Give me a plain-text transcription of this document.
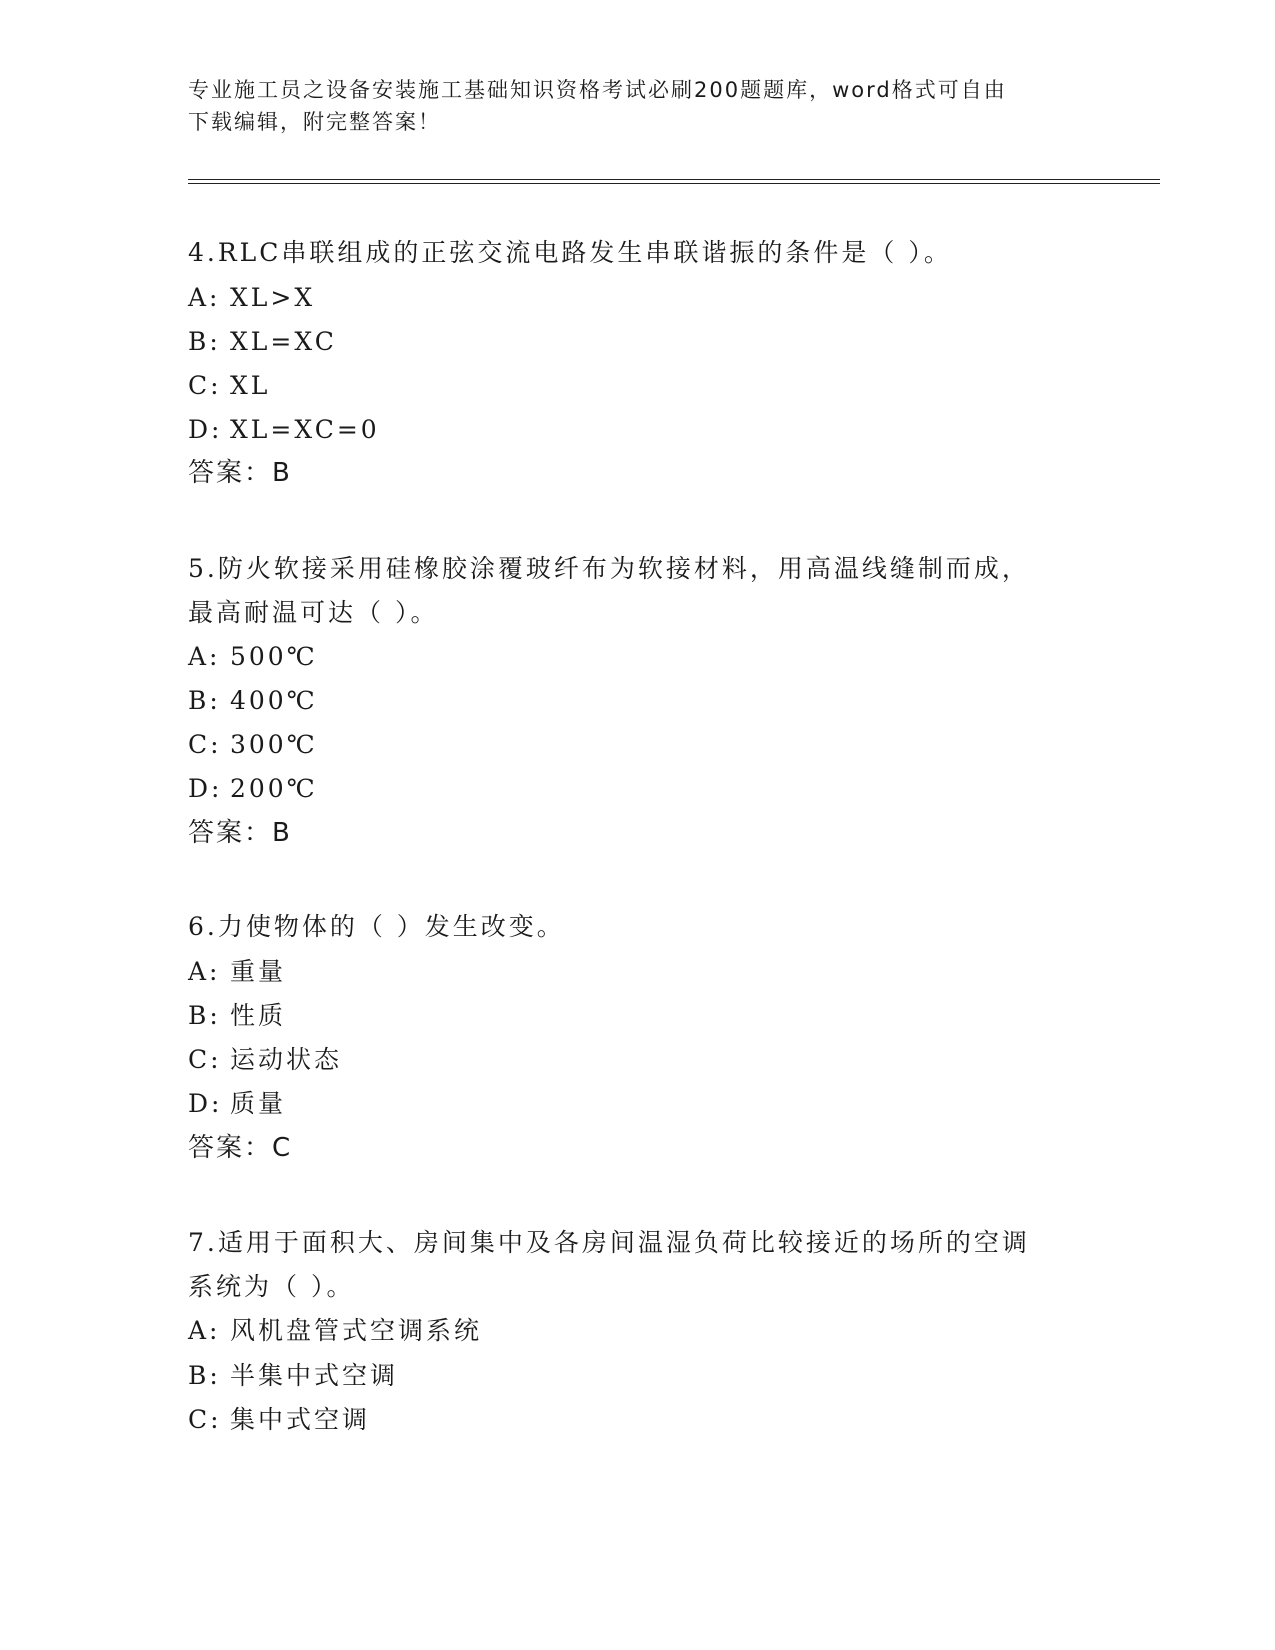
专业施工员之设备安装施工基础知识资格考试必刷200题题库，word格式可自由
下载编辑，附完整答案！
4.RLC串联组成的正弦交流电路发生串联谐振的条件是（ ）。
A: XL>X
B: XL=XC
C: XL
D: XL=XC=0
答案：B
5.防火软接采用硅橡胶涂覆玻纤布为软接材料，用高温线缝制而成，
最高耐温可达（ ）。
A: 500℃
B: 400℃
C: 300℃
D: 200℃
答案：B
6.力使物体的（ ）发生改变。
A: 重量
B: 性质
C: 运动状态
D: 质量
答案：C
7.适用于面积大、房间集中及各房间温湿负荷比较接近的场所的空调
系统为（ ）。
A: 风机盘管式空调系统
B: 半集中式空调
C: 集中式空调
